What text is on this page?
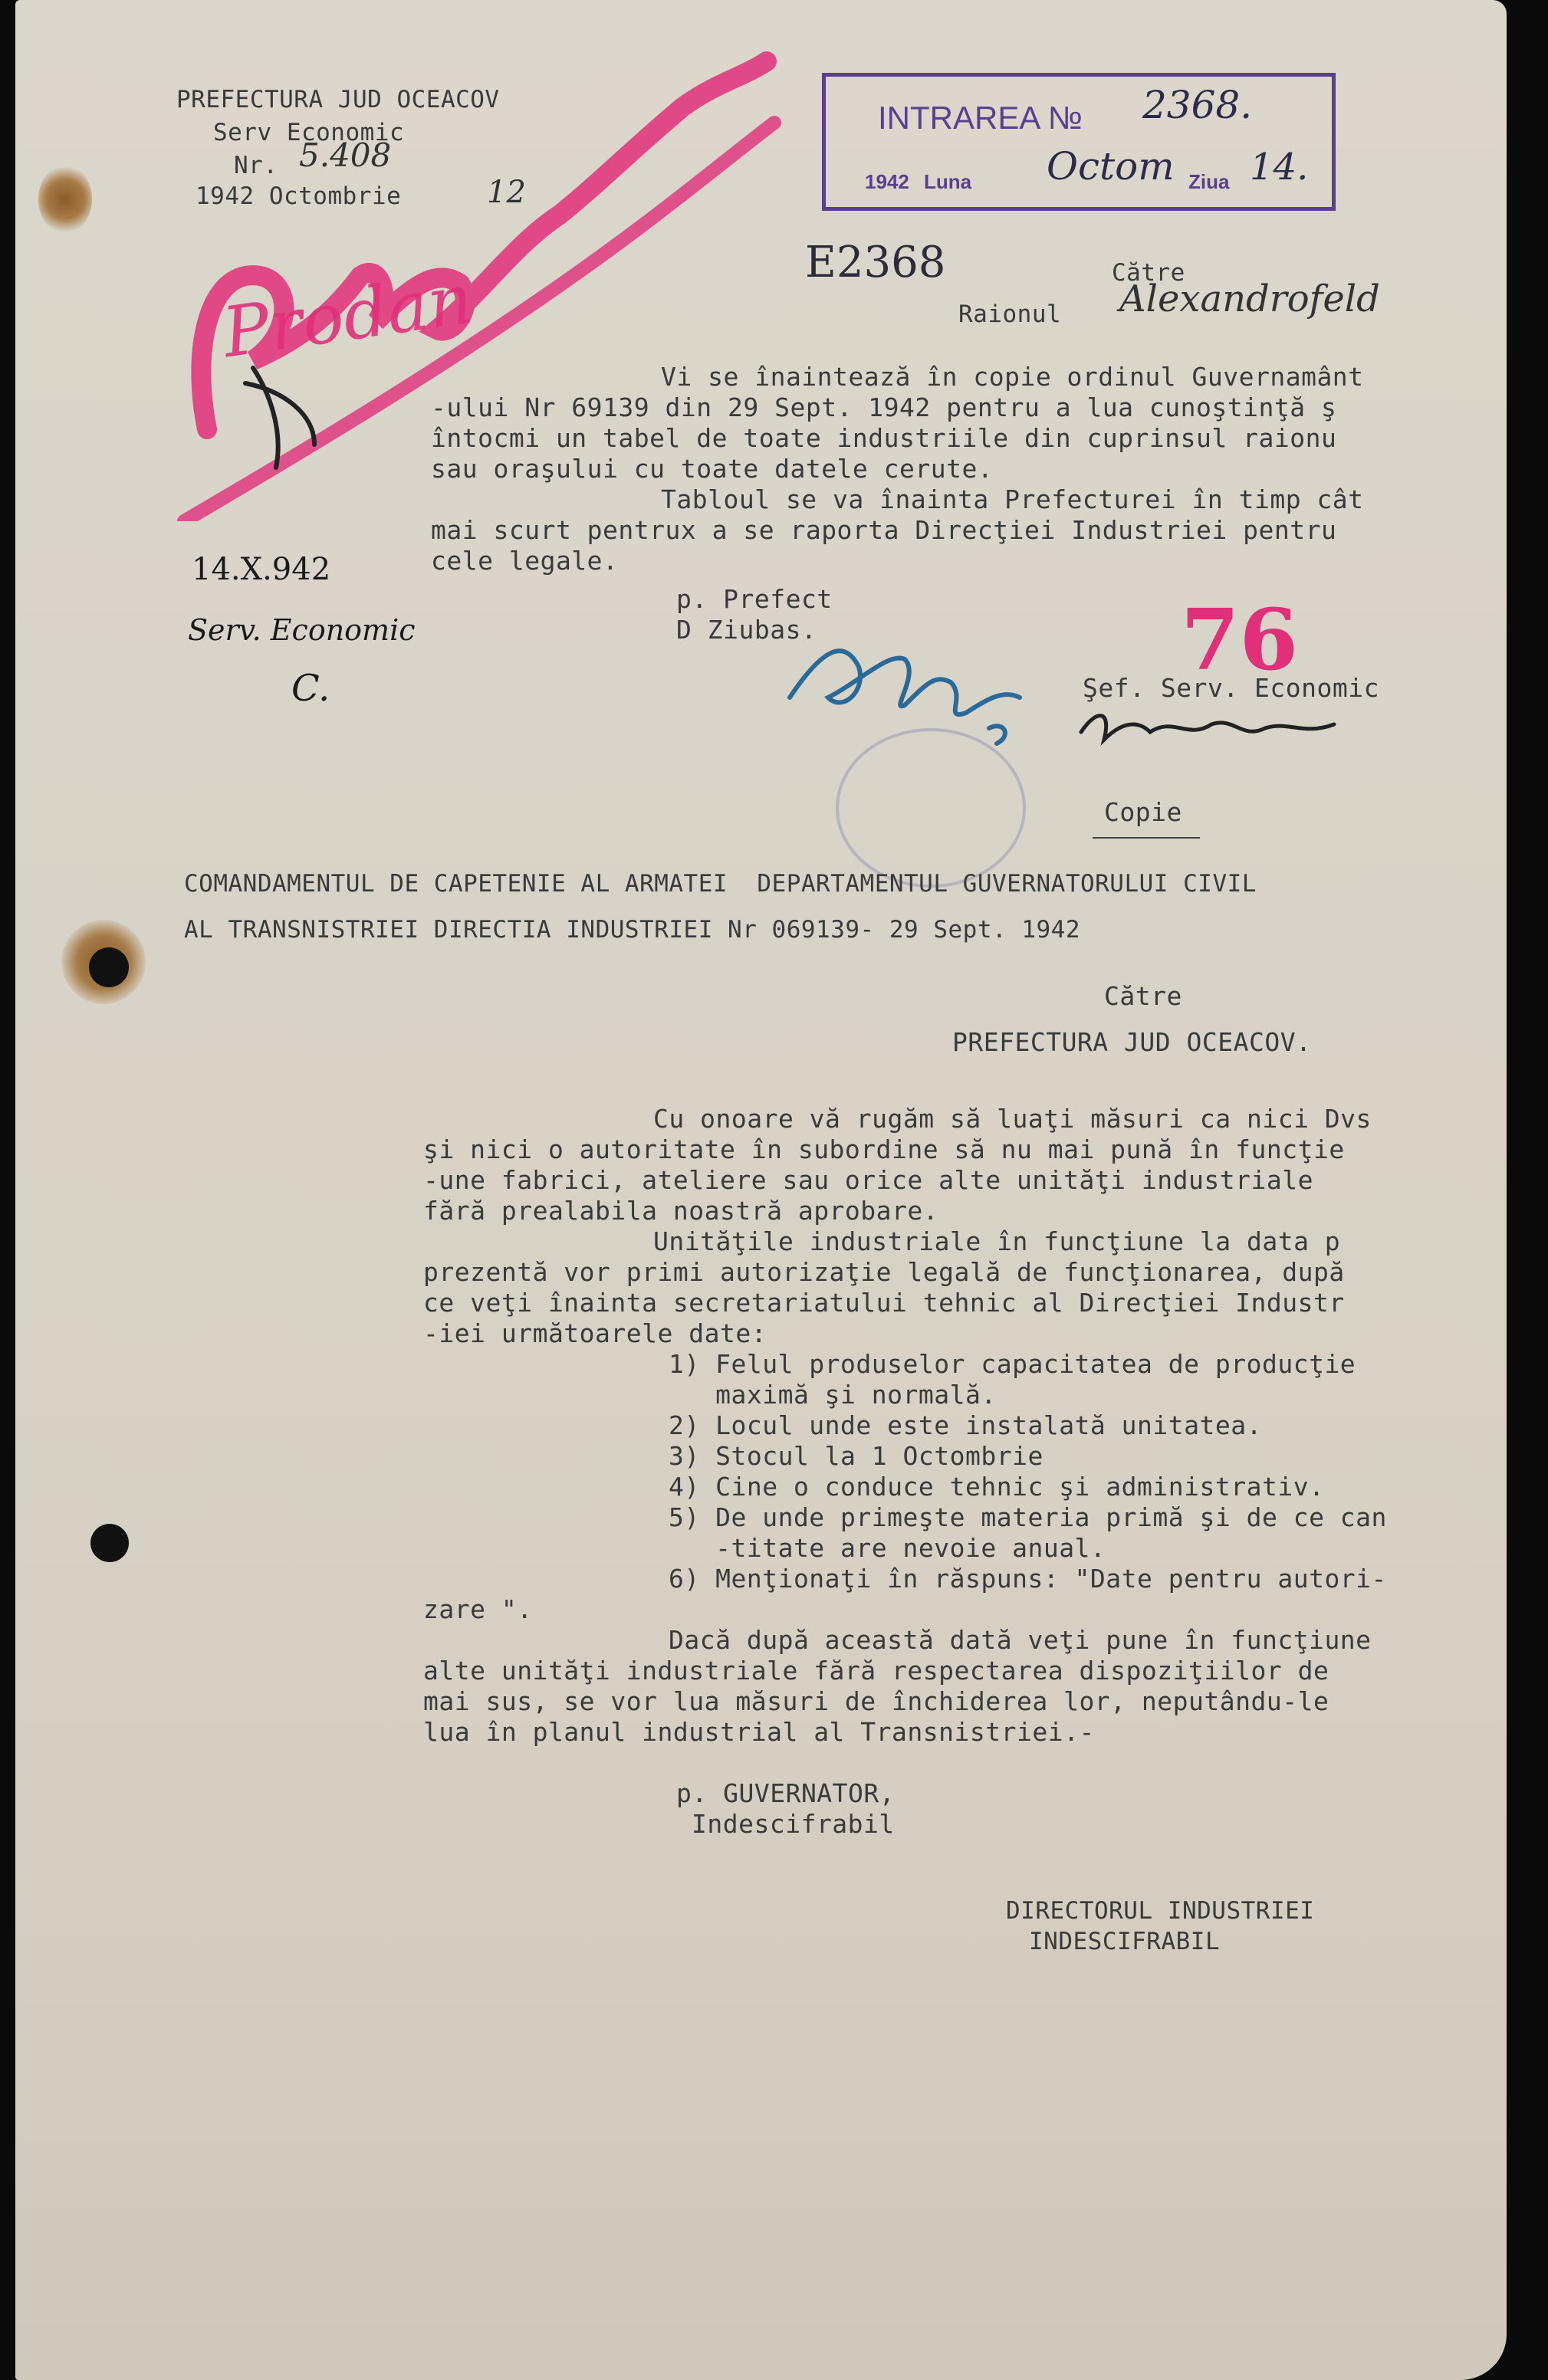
PREFECTURA JUD OCEACOV
Serv Economic
Nr. 5.408
1942 Octombrie	12
INTRAREA № 2368.
1942 Luna Octom Ziua 14.
E2368	Către
Raionul Alexandrofeld
Prodan
14.X.942
Serv. Economic
C.
Vi se înaintează în copie ordinul Guvernamânt
-ului Nr 69139 din 29 Sept. 1942 pentru a lua cunoştinţă ş
întocmi un tabel de toate industriile din cuprinsul raionu
sau oraşului cu toate datele cerute.
Tabloul se va înainta Prefecturei în timp cât
mai scurt pentrux a se raporta Direcţiei Industriei pentru
cele legale.
p. Prefect
D Ziubas.	76
Şef. Serv. Economic
Copie
COMANDAMENTUL DE CAPETENIE AL ARMATEI  DEPARTAMENTUL GUVERNATORULUI CIVIL
AL TRANSNISTRIEI DIRECTIA INDUSTRIEI Nr 069139- 29 Sept. 1942
Către
PREFECTURA JUD OCEACOV.
Cu onoare vă rugăm să luaţi măsuri ca nici Dvs
şi nici o autoritate în subordine să nu mai pună în funcţie
-une fabrici, ateliere sau orice alte unităţi industriale
fără prealabila noastră aprobare.
Unităţile industriale în funcţiune la data p
prezentă vor primi autorizaţie legală de funcţionarea, după
ce veţi înainta secretariatului tehnic al Direcţiei Industr
-iei următoarele date:
1) Felul produselor capacitatea de producţie
maximă şi normală.
2) Locul unde este instalată unitatea.
3) Stocul la 1 Octombrie
4) Cine o conduce tehnic şi administrativ.
5) De unde primeşte materia primă şi de ce can
-titate are nevoie anual.
6) Menţionaţi în răspuns: "Date pentru autori-
zare ".
Dacă după această dată veţi pune în funcţiune
alte unităţi industriale fără respectarea dispoziţiilor de
mai sus, se vor lua măsuri de închiderea lor, neputându-le
lua în planul industrial al Transnistriei.-
p. GUVERNATOR,
Indescifrabil
DIRECTORUL INDUSTRIEI
INDESCIFRABIL
